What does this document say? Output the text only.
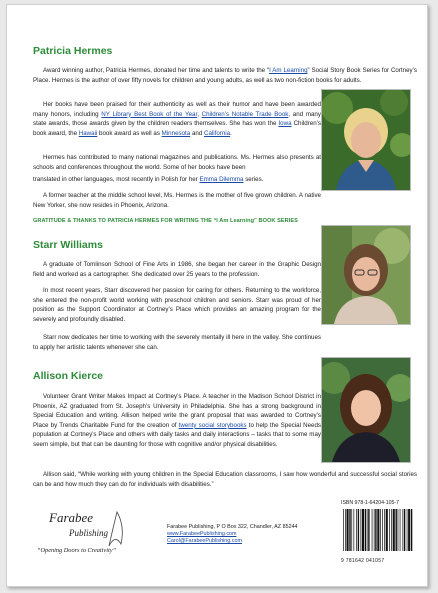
Patricia Hermes

Award winning author, Patricia Hermes, donated her time and talents to write the “I Am Learning” Social Story Book Series for Cortney’s Place. Hermes is the author of over fifty novels for children and young adults, as well as two non-fiction books for adults.

Her books have been praised for their authenticity as well as their humor and have been awarded many honors, including NY Library Best Book of the Year, Children’s Notable Trade Book, and many state awards, those awards given by the children readers themselves. She has won the Iowa Children’s book award, the Hawaii book award as well as Minnesota and California.

Hermes has contributed to many national magazines and publications. Ms. Hermes also presents at schools and conferences throughout the world. Some of her books have been

translated in other languages, most recently in Polish for her Emma Dilemma series.

A former teacher at the middle school level, Ms. Hermes is the mother of five grown children. A native New Yorker, she now resides in Phoenix, Arizona.

GRATITUDE & THANKS TO PATRICIA HERMES FOR WRITING THE “I Am Learning” BOOK SERIES
Starr Williams

A graduate of Tomlinson School of Fine Arts in 1986, she began her career in the Graphic Design field and worked as a cartographer. She dedicated over 25 years to the profession.

In most recent years, Starr discovered her passion for caring for others. Returning to the workforce, she entered the non-profit world working with preschool children and seniors. Starr was proud of her position as the Support Coordinator at Cortney’s Place which provides an amazing program for the severely and profoundly disabled.

Starr now dedicates her time to working with the severely mentally ill here in the valley. She continues to apply her artistic talents whenever she can.

Allison Kierce

Volunteer Grant Writer Makes Impact at Cortney’s Place. A teacher in the Madison School District in Phoenix, AZ graduated from St. Joseph’s University in Philadelphia. She has a strong background in Special Education and writing. Allison helped write the grant proposal that was awarded to Cortney’s Place by Trends Charitable Fund for the creation of twenty social storybooks to help the Special Needs population at Cortney’s Place and others with daily tasks and daily interactions – tasks that to some may seem simple, but that can be daunting for those with cognitive and/or physical disabilities.

Allison said, “While working with young children in the Special Education classrooms, I saw how wonderful and successful social stories can be and how much they can do for individuals with disabilities.”

Farabee
Publishing
“Opening Doors to Creativity”
Farabee Publishing, P O Box 322, Chandler, AZ 85244
www.FarabeePublishing.com
Carol@FarabeePublishing.com
ISBN 978-1-64204-105-7
9 781642 041057
